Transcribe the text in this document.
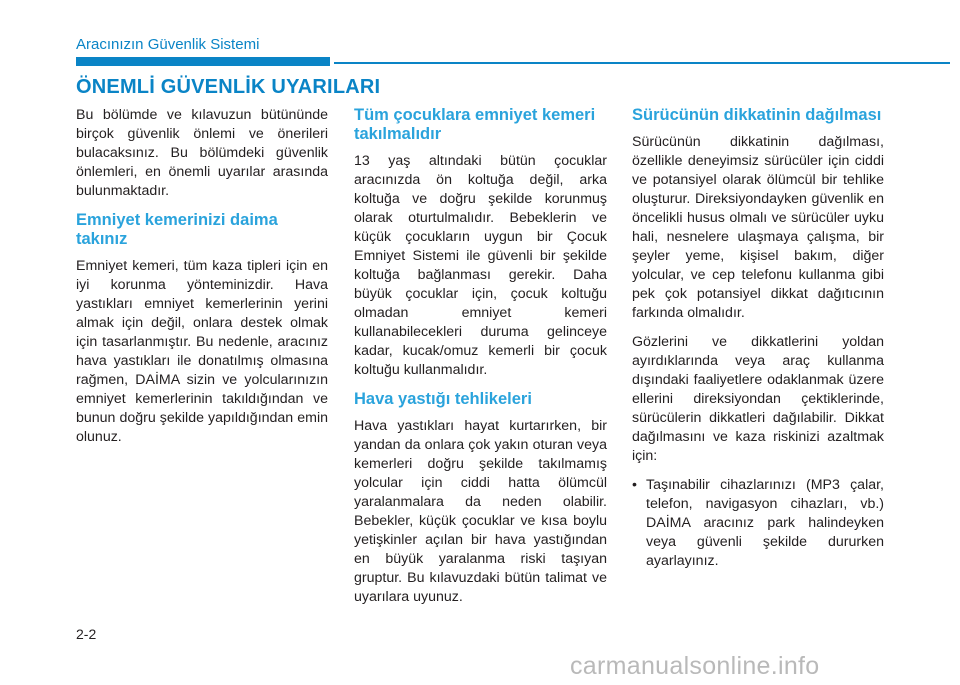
Aracınızın Güvenlik Sistemi
ÖNEMLİ GÜVENLİK UYARILARI

Bu bölümde ve kılavuzun bütününde birçok güvenlik önlemi ve önerileri bulacaksınız. Bu bölümdeki güvenlik önlemleri, en önemli uyarılar arasında bulunmaktadır.

Emniyet kemerinizi daima takınız

Emniyet kemeri, tüm kaza tipleri için en iyi korunma yönteminizdir. Hava yastıkları emniyet kemerlerinin yerini almak için değil, onlara destek olmak için tasarlanmıştır. Bu nedenle, aracınız hava yastıkları ile donatılmış olmasına rağmen, DAİMA sizin ve yolcularınızın emniyet kemerlerinin takıldığından ve bunun doğru şekilde yapıldığından emin olunuz.

Tüm çocuklara emniyet kemeri takılmalıdır

13 yaş altındaki bütün çocuklar aracınızda ön koltuğa değil, arka koltuğa ve doğru şekilde korunmuş olarak oturtulmalıdır. Bebeklerin ve küçük çocukların uygun bir Çocuk Emniyet Sistemi ile güvenli bir şekilde koltuğa bağlanması gerekir. Daha büyük çocuklar için, çocuk koltuğu olmadan emniyet kemeri kullanabilecekleri duruma gelinceye kadar, kucak/omuz kemerli bir çocuk koltuğu kullanmalıdır.

Hava yastığı tehlikeleri

Hava yastıkları hayat kurtarırken, bir yandan da onlara çok yakın oturan veya kemerleri doğru şekilde takılmamış yolcular için ciddi hatta ölümcül yaralanmalara da neden olabilir. Bebekler, küçük çocuklar ve kısa boylu yetişkinler açılan bir hava yastığından en büyük yaralanma riski taşıyan gruptur. Bu kılavuzdaki bütün talimat ve uyarılara uyunuz.

Sürücünün dikkatinin dağılması

Sürücünün dikkatinin dağılması, özellikle deneyimsiz sürücüler için ciddi ve potansiyel olarak ölümcül bir tehlike oluşturur. Direksiyondayken güvenlik en öncelikli husus olmalı ve sürücüler uyku hali, nesnelere ulaşmaya çalışma, bir şeyler yeme, kişisel bakım, diğer yolcular, ve cep telefonu kullanma gibi pek çok potansiyel dikkat dağıtıcının farkında olmalıdır.

Gözlerini ve dikkatlerini yoldan ayırdıklarında veya araç kullanma dışındaki faaliyetlere odaklanmak üzere ellerini direksiyondan çektiklerinde, sürücülerin dikkatleri dağılabilir. Dikkat dağılmasını ve kaza riskinizi azaltmak için:

• Taşınabilir cihazlarınızı (MP3 çalar, telefon, navigasyon cihazları, vb.) DAİMA aracınız park halindeyken veya güvenli şekilde dururken ayarlayınız.
2-2
carmanualsonline.info
